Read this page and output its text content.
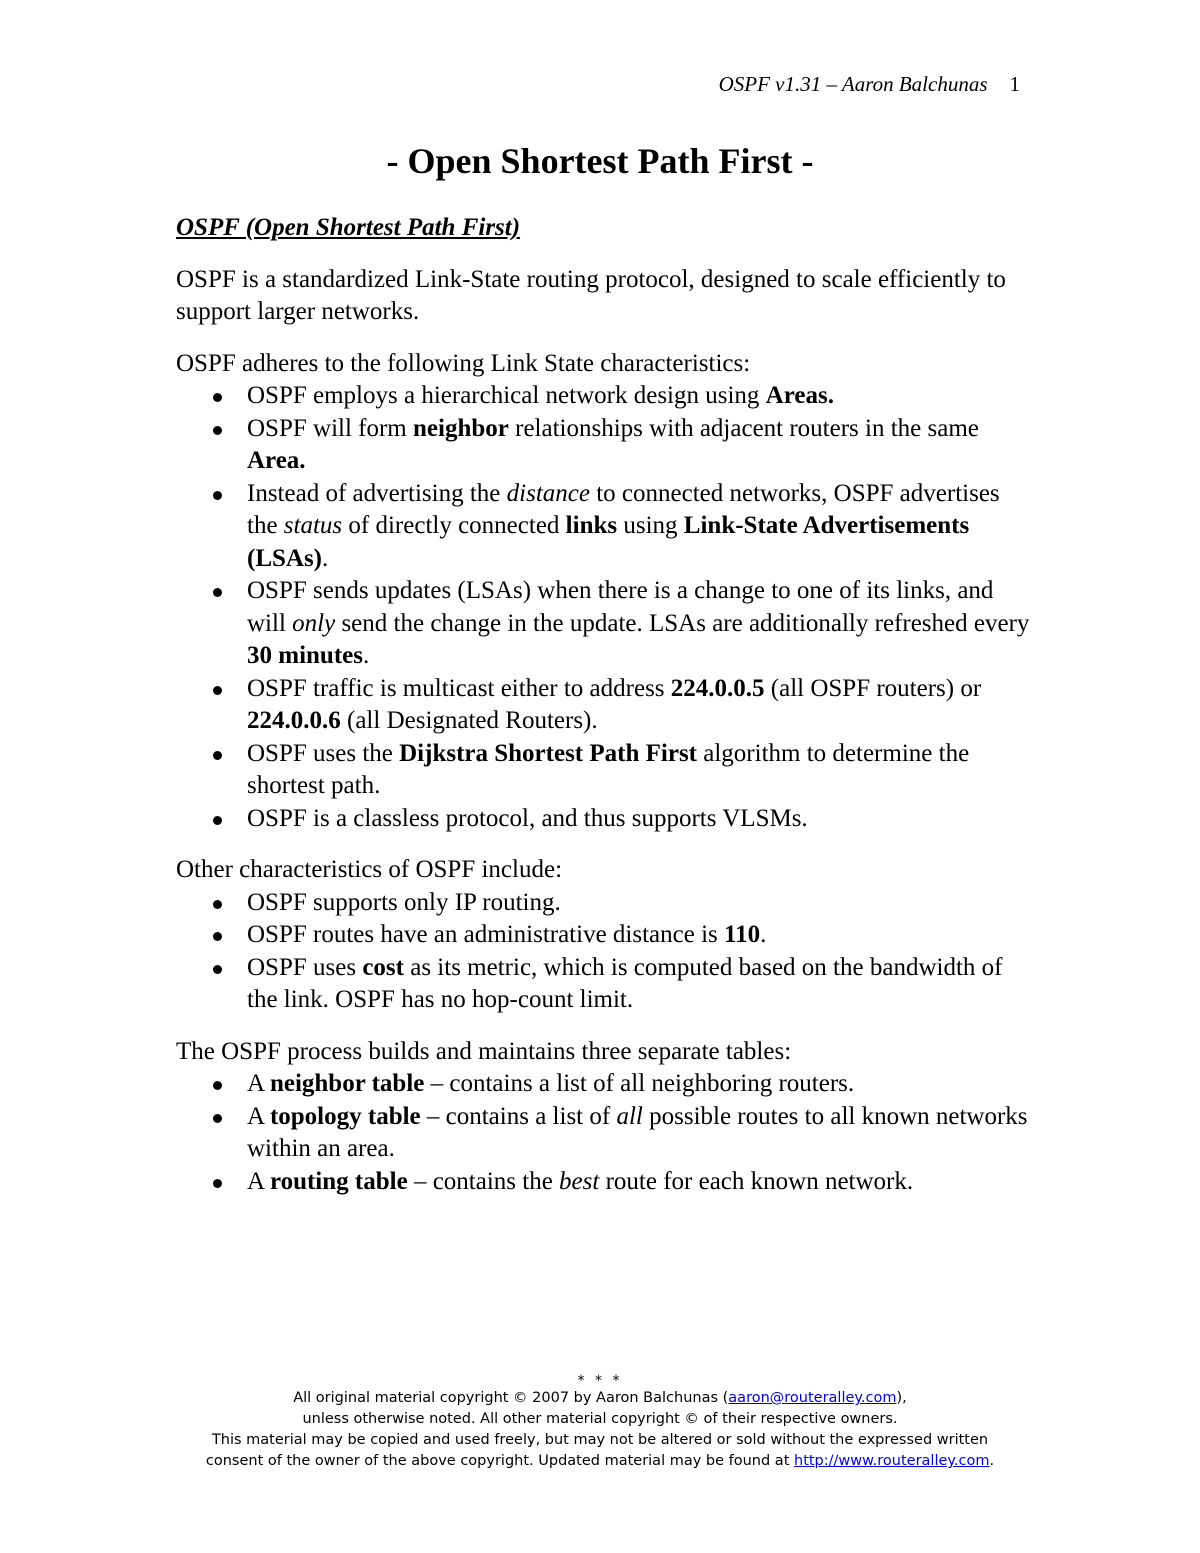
OSPF v1.31 – Aaron Balchunas 1
- Open Shortest Path First -
OSPF (Open Shortest Path First)

OSPF is a standardized Link-State routing protocol, designed to scale efficiently to support larger networks.

OSPF adheres to the following Link State characteristics:

OSPF employs a hierarchical network design using Areas.
OSPF will form neighbor relationships with adjacent routers in the same Area.
Instead of advertising the distance to connected networks, OSPF advertises the status of directly connected links using Link-State Advertisements (LSAs).
OSPF sends updates (LSAs) when there is a change to one of its links, and will only send the change in the update. LSAs are additionally refreshed every 30 minutes.
OSPF traffic is multicast either to address 224.0.0.5 (all OSPF routers) or 224.0.0.6 (all Designated Routers).
OSPF uses the Dijkstra Shortest Path First algorithm to determine the shortest path.
OSPF is a classless protocol, and thus supports VLSMs.

Other characteristics of OSPF include:

OSPF supports only IP routing.
OSPF routes have an administrative distance is 110.
OSPF uses cost as its metric, which is computed based on the bandwidth of the link. OSPF has no hop-count limit.

The OSPF process builds and maintains three separate tables:

A neighbor table – contains a list of all neighboring routers.
A topology table – contains a list of all possible routes to all known networks within an area.
A routing table – contains the best route for each known network.
* * *
All original material copyright © 2007 by Aaron Balchunas (aaron@routeralley.com),
unless otherwise noted. All other material copyright © of their respective owners.
This material may be copied and used freely, but may not be altered or sold without the expressed written
consent of the owner of the above copyright. Updated material may be found at http://www.routeralley.com.
